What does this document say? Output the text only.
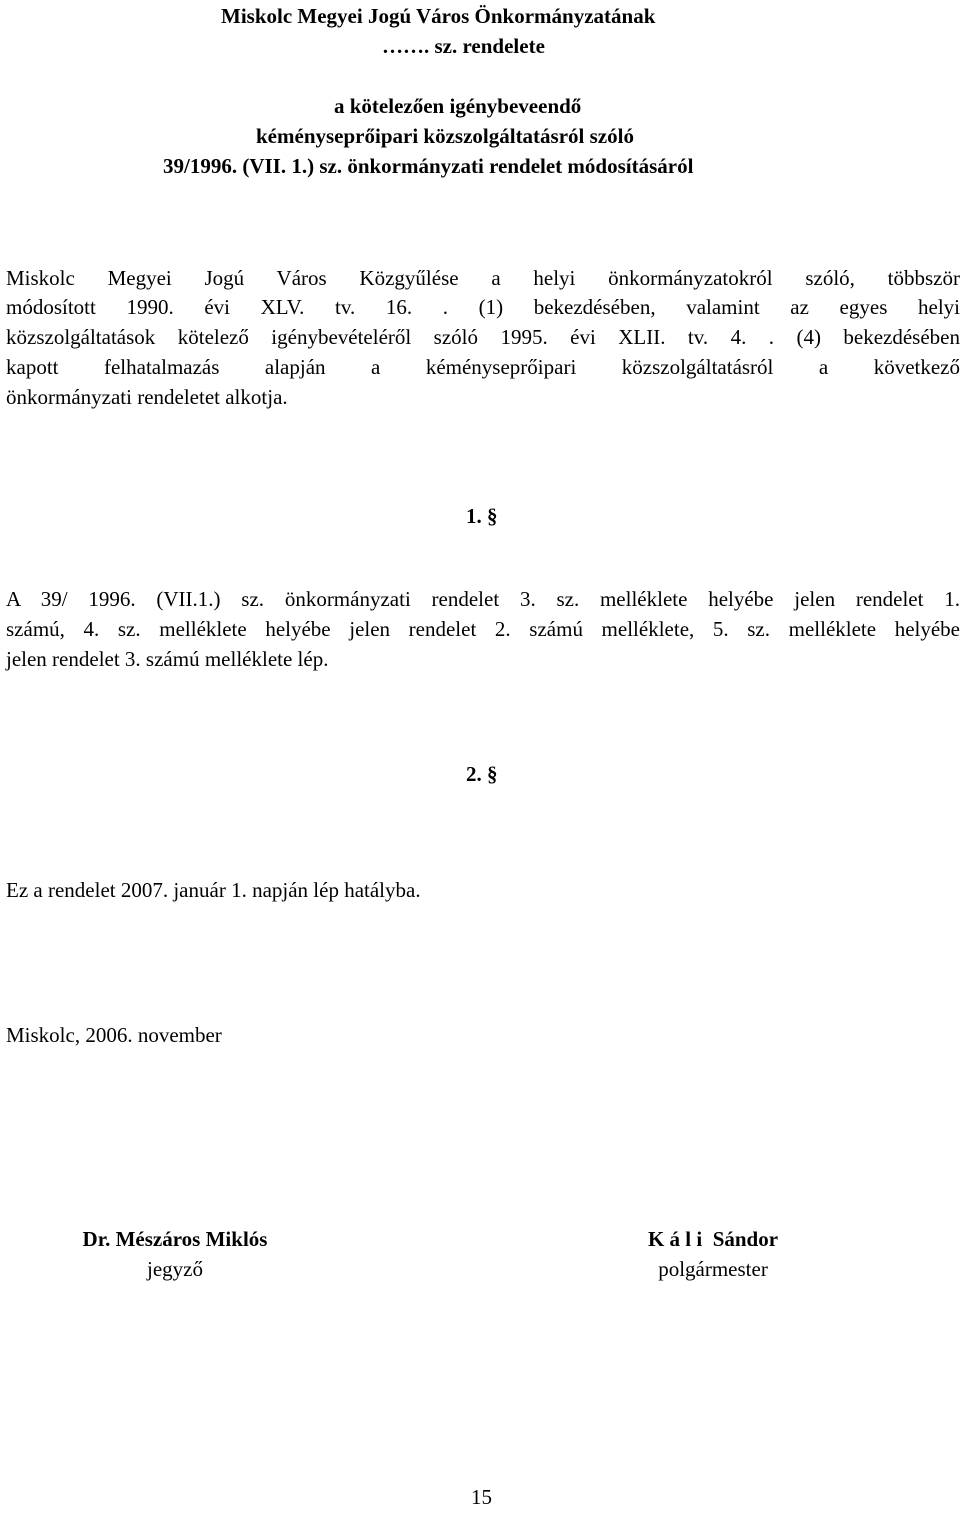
Miskolc Megyei Jogú Város Önkormányzatának
……. sz. rendelete
a kötelezően igénybeveendő
kéményseprőipari közszolgáltatásról szóló
39/1996. (VII. 1.) sz. önkormányzati rendelet módosításáról
Miskolc Megyei Jogú Város Közgyűlése a helyi önkormányzatokról szóló, többször
módosított 1990. évi XLV. tv. 16. . (1) bekezdésében, valamint az egyes helyi
közszolgáltatások kötelező igénybevételéről szóló 1995. évi XLII. tv. 4. . (4) bekezdésében
kapott felhatalmazás alapján a kéményseprőipari közszolgáltatásról a következő
önkormányzati rendeletet alkotja.
1. §
A 39/ 1996. (VII.1.) sz. önkormányzati rendelet 3. sz. melléklete helyébe jelen rendelet 1.
számú, 4. sz. melléklete helyébe jelen rendelet 2. számú melléklete, 5. sz. melléklete helyébe
jelen rendelet 3. számú melléklete lép.
2. §
Ez a rendelet 2007. január 1. napján lép hatályba.
Miskolc, 2006. november
Dr. Mészáros Miklós
jegyző
K á l i  Sándor
polgármester
15
